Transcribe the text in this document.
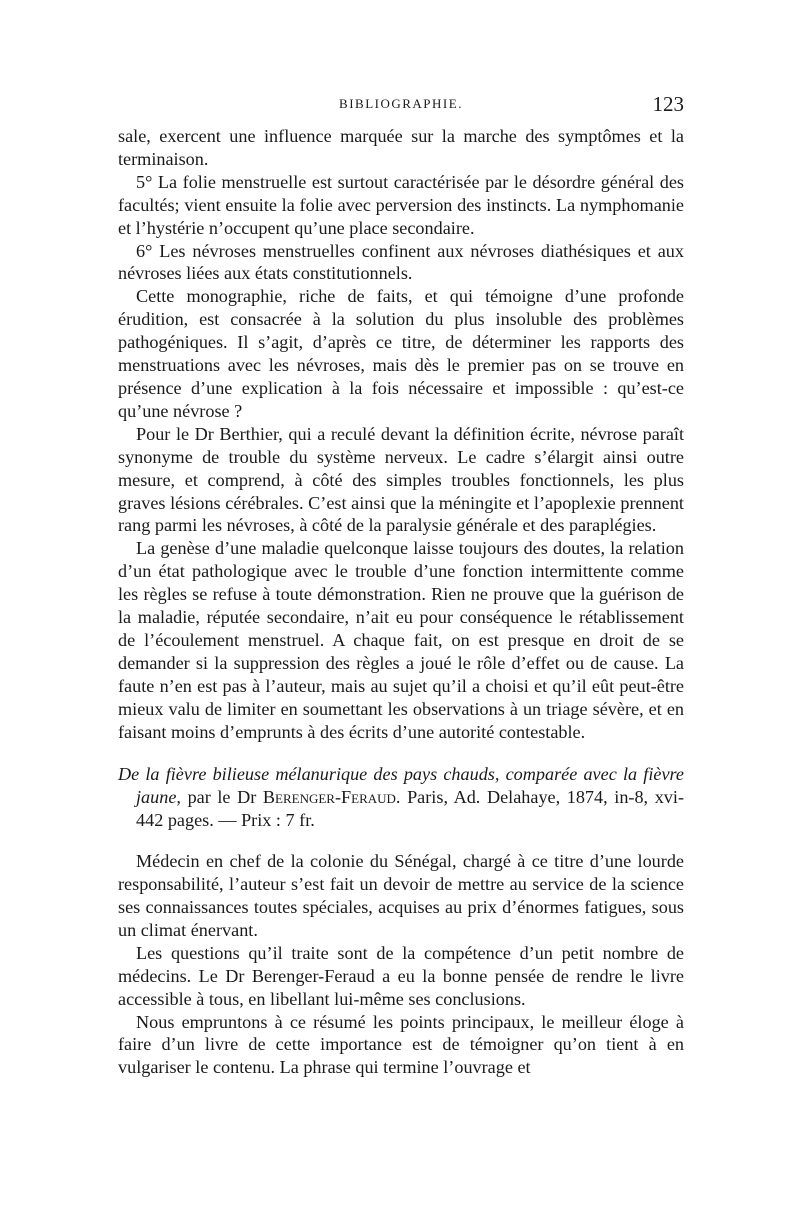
BIBLIOGRAPHIE.	123

sale, exercent une influence marquée sur la marche des symptômes et la terminaison.

5° La folie menstruelle est surtout caractérisée par le désordre général des facultés; vient ensuite la folie avec perversion des instincts. La nymphomanie et l’hystérie n’occupent qu’une place secondaire.

6° Les névroses menstruelles confinent aux névroses diathésiques et aux névroses liées aux états constitutionnels.

Cette monographie, riche de faits, et qui témoigne d’une profonde érudition, est consacrée à la solution du plus insoluble des problèmes pathogéniques. Il s’agit, d’après ce titre, de déterminer les rapports des menstruations avec les névroses, mais dès le premier pas on se trouve en présence d’une explication à la fois nécessaire et impossible : qu’est-ce qu’une névrose ?

Pour le Dr Berthier, qui a reculé devant la définition écrite, névrose paraît synonyme de trouble du système nerveux. Le cadre s’élargit ainsi outre mesure, et comprend, à côté des simples troubles fonctionnels, les plus graves lésions cérébrales. C’est ainsi que la méningite et l’apoplexie prennent rang parmi les névroses, à côté de la paralysie générale et des paraplégies.

La genèse d’une maladie quelconque laisse toujours des doutes, la relation d’un état pathologique avec le trouble d’une fonction intermittente comme les règles se refuse à toute démonstration. Rien ne prouve que la guérison de la maladie, réputée secondaire, n’ait eu pour conséquence le rétablissement de l’écoulement menstruel. A chaque fait, on est presque en droit de se demander si la suppression des règles a joué le rôle d’effet ou de cause. La faute n’en est pas à l’auteur, mais au sujet qu’il a choisi et qu’il eût peut-être mieux valu de limiter en soumettant les observations à un triage sévère, et en faisant moins d’emprunts à des écrits d’une autorité contestable.

De la fièvre bilieuse mélanurique des pays chauds, comparée avec la fièvre jaune, par le Dr Berenger-Feraud. Paris, Ad. Delahaye, 1874, in-8, xvi-442 pages. — Prix : 7 fr.

Médecin en chef de la colonie du Sénégal, chargé à ce titre d’une lourde responsabilité, l’auteur s’est fait un devoir de mettre au service de la science ses connaissances toutes spéciales, acquises au prix d’énormes fatigues, sous un climat énervant.

Les questions qu’il traite sont de la compétence d’un petit nombre de médecins. Le Dr Berenger-Feraud a eu la bonne pensée de rendre le livre accessible à tous, en libellant lui-même ses conclusions.

Nous empruntons à ce résumé les points principaux, le meilleur éloge à faire d’un livre de cette importance est de témoigner qu’on tient à en vulgariser le contenu. La phrase qui termine l’ouvrage et
